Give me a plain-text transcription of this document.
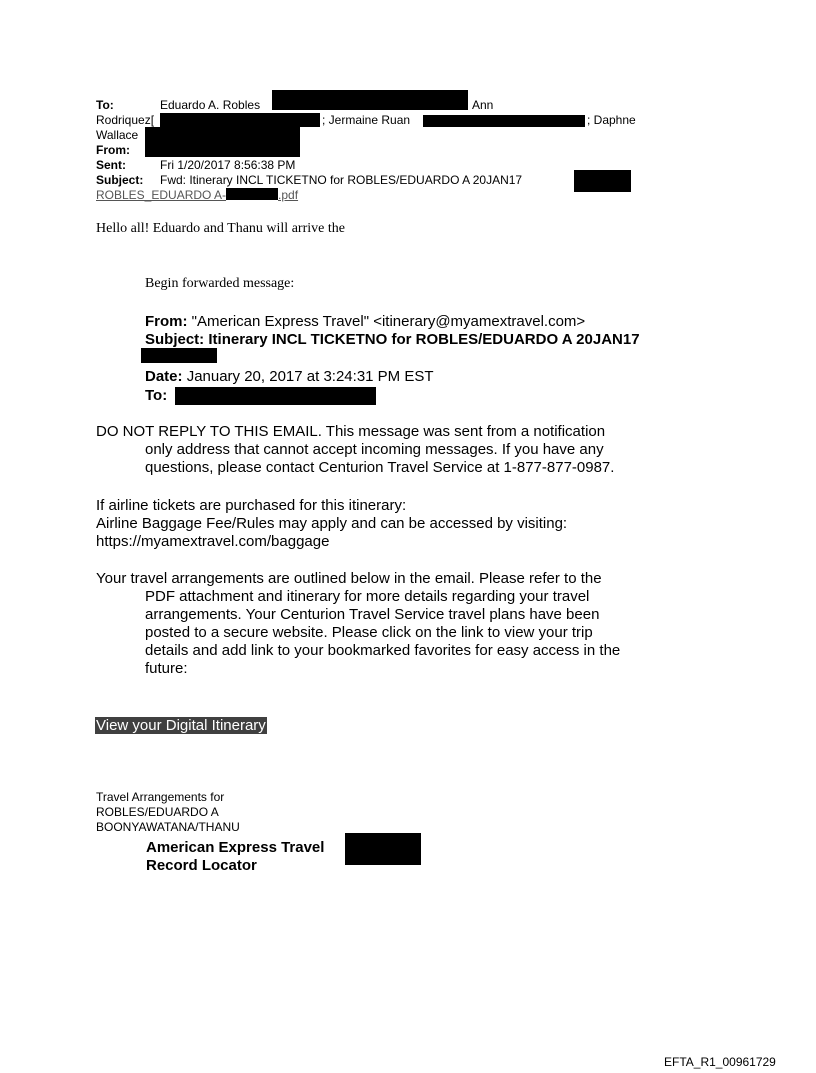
To:	Eduardo A. Robles	Ann
Rodriquez[	; Jermaine Ruan	; Daphne
Wallace
From:
Sent:	Fri 1/20/2017 8:56:38 PM
Subject: Fwd: Itinerary INCL TICKETNO for ROBLES/EDUARDO A 20JAN17
ROBLES_EDUARDO A-	.pdf
Hello all! Eduardo and Thanu will arrive the
Begin forwarded message:
From: "American Express Travel" <itinerary@myamextravel.com>
Subject: Itinerary INCL TICKETNO for ROBLES/EDUARDO A 20JAN17
Date: January 20, 2017 at 3:24:31 PM EST
To:
DO NOT REPLY TO THIS EMAIL. This message was sent from a notification
only address that cannot accept incoming messages. If you have any
questions, please contact Centurion Travel Service at 1-877-877-0987.
If airline tickets are purchased for this itinerary:
Airline Baggage Fee/Rules may apply and can be accessed by visiting:
https://myamextravel.com/baggage
Your travel arrangements are outlined below in the email. Please refer to the
PDF attachment and itinerary for more details regarding your travel
arrangements. Your Centurion Travel Service travel plans have been
posted to a secure website. Please click on the link to view your trip
details and add link to your bookmarked favorites for easy access in the
future:
View your Digital Itinerary
Travel Arrangements for
ROBLES/EDUARDO A
BOONYAWATANA/THANU
American Express Travel
Record Locator
EFTA_R1_00961729
